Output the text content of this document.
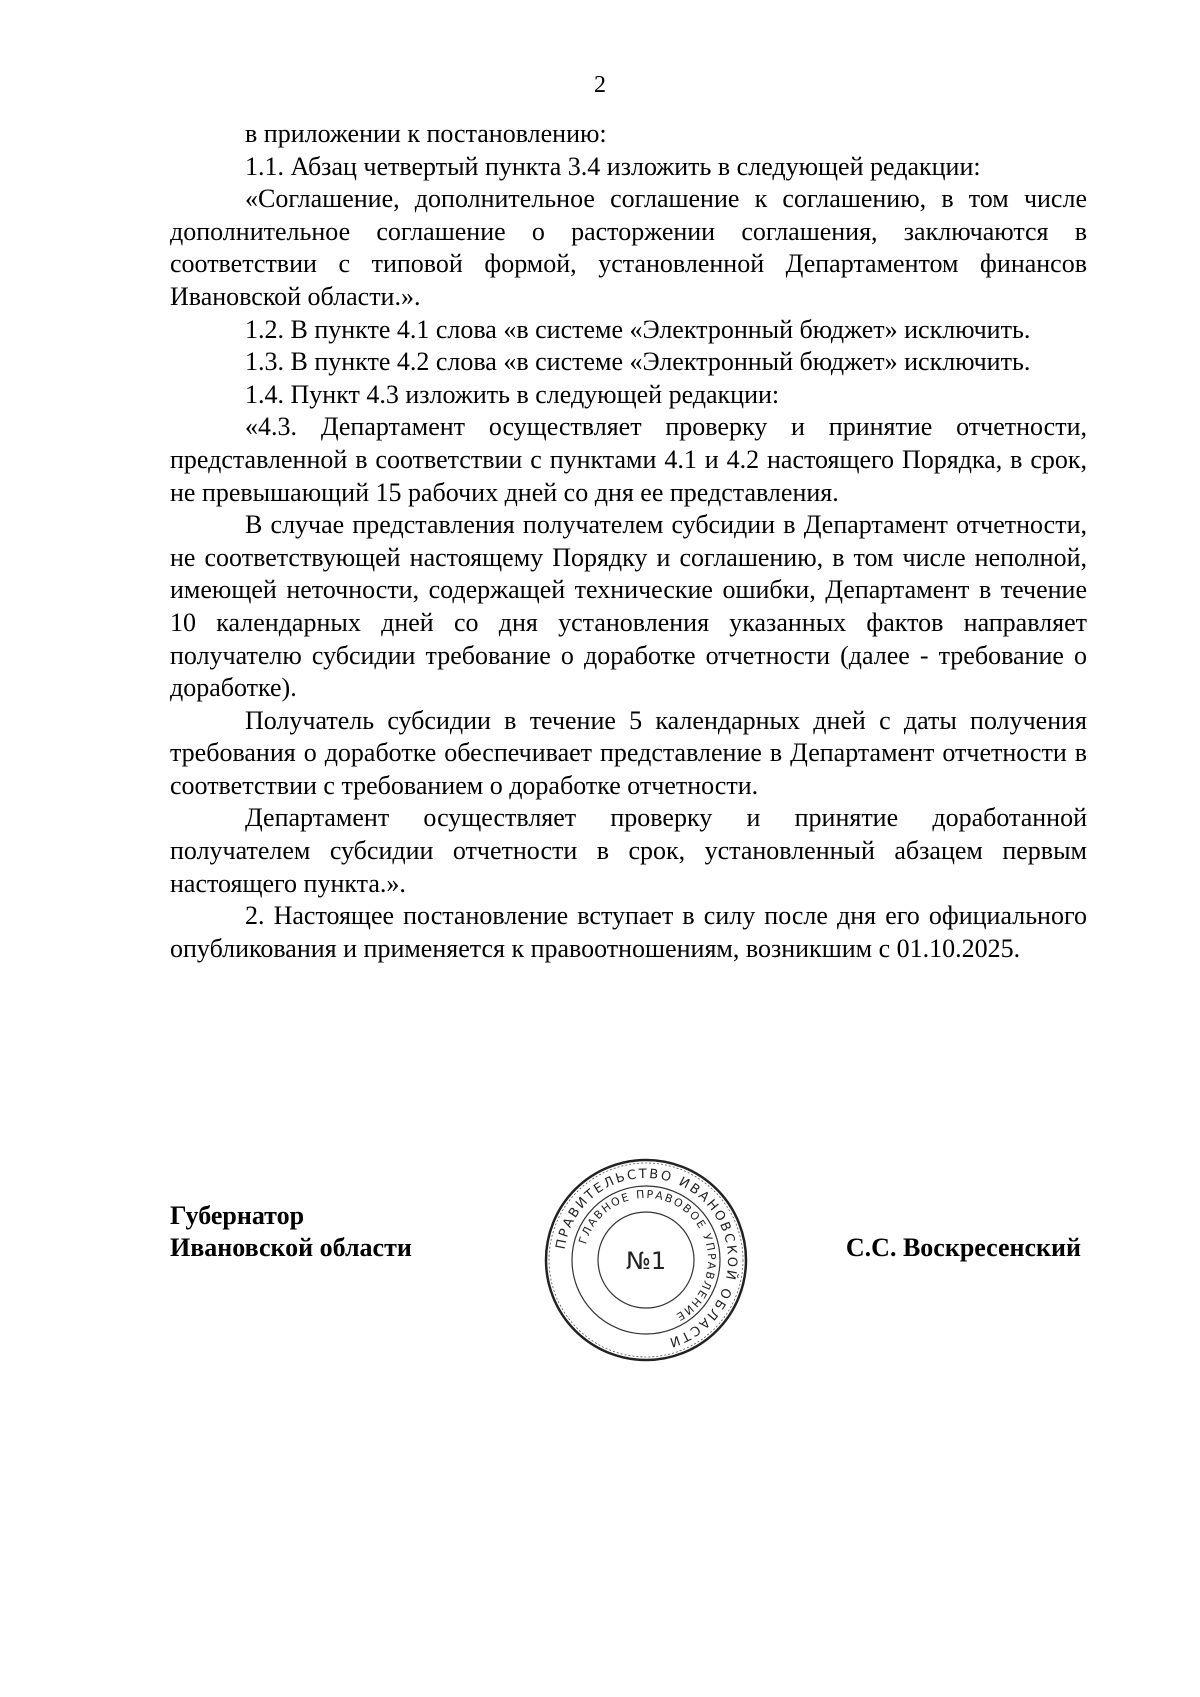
2

в приложении к постановлению:

1.1. Абзац четвертый пункта 3.4 изложить в следующей редакции:

«Соглашение, дополнительное соглашение к соглашению, в том числе дополнительное соглашение о расторжении соглашения, заключаются в соответствии с типовой формой, установленной Департаментом финансов Ивановской области.».

1.2. В пункте 4.1 слова «в системе «Электронный бюджет» исключить.

1.3. В пункте 4.2 слова «в системе «Электронный бюджет» исключить.

1.4. Пункт 4.3 изложить в следующей редакции:

«4.3. Департамент осуществляет проверку и принятие отчетности, представленной в соответствии с пунктами 4.1 и 4.2 настоящего Порядка, в срок, не превышающий 15 рабочих дней со дня ее представления.

В случае представления получателем субсидии в Департамент отчетности, не соответствующей настоящему Порядку и соглашению, в том числе неполной, имеющей неточности, содержащей технические ошибки, Департамент в течение 10 календарных дней со дня установления указанных фактов направляет получателю субсидии требование о доработке отчетности (далее - требование о доработке).

Получатель субсидии в течение 5 календарных дней с даты получения требования о доработке обеспечивает представление в Департамент отчетности в соответствии с требованием о доработке отчетности.

Департамент осуществляет проверку и принятие доработанной получателем субсидии отчетности в срок, установленный абзацем первым настоящего пункта.».

2. Настоящее постановление вступает в силу после дня его официального опубликования и применяется к правоотношениям, возникшим с 01.10.2025.

Губернатор
Ивановской области	ПРАВИТЕЛЬСТВО ИВАНОВСКОЙ ОБЛАСТИ
ГЛАВНОЕ ПРАВОВОЕ УПРАВЛЕНИЕ
№1	С.С. Воскресенский
